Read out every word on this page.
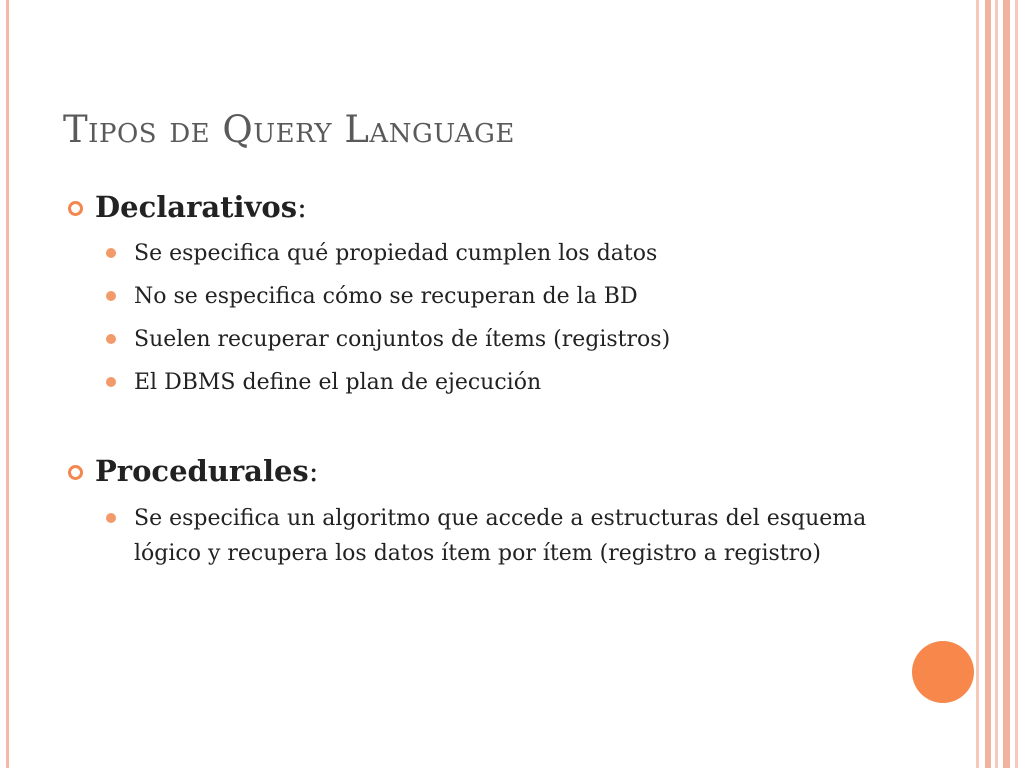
Tipos de Query Language
Declarativos :
Se especifica qué propiedad cumplen los datos
No se especifica cómo se recuperan de la BD
Suelen recuperar conjuntos de ítems (registros)
El DBMS define el plan de ejecución
Procedurales :
Se especifica un algoritmo que accede a estructuras del esquema lógico y recupera los datos ítem por ítem (registro a registro)
